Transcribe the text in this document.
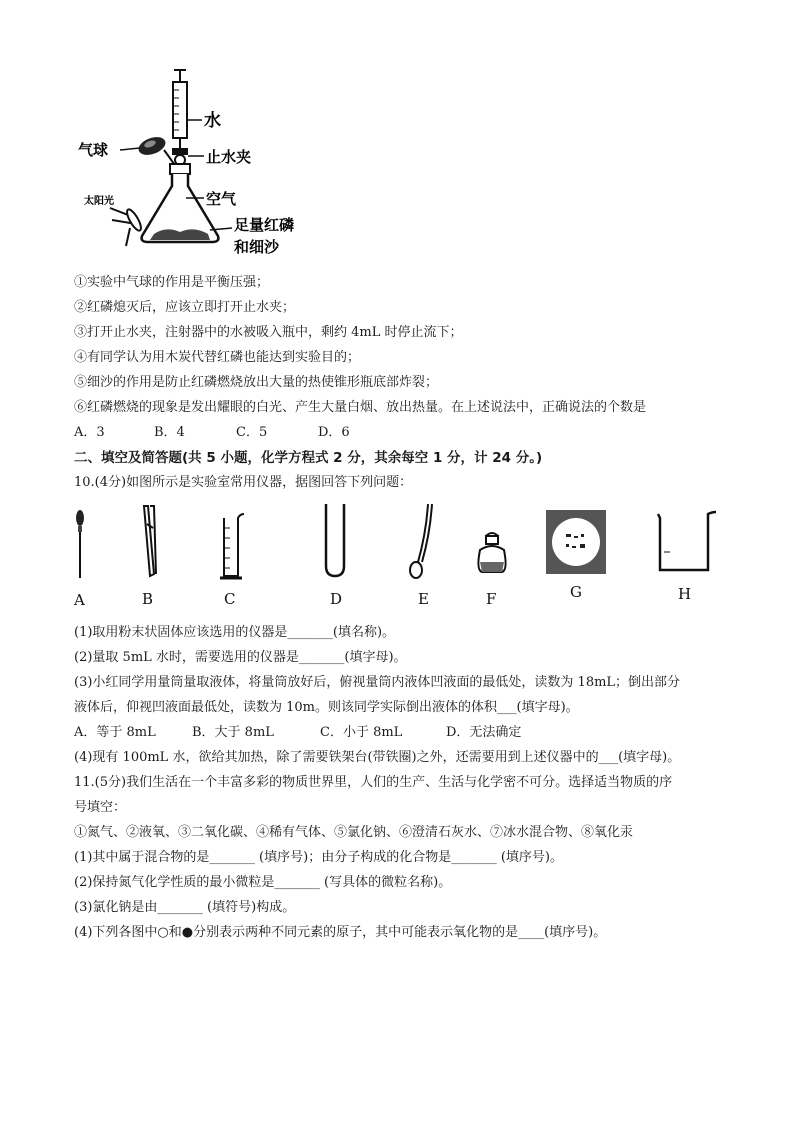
水
气球	止水夹
太阳光	空气
足量红磷
和细沙
①实验中气球的作用是平衡压强；
②红磷熄灭后，应该立即打开止水夹；
③打开止水夹，注射器中的水被吸入瓶中，剩约 4mL 时停止流下；
④有同学认为用木炭代替红磷也能达到实验目的；
⑤细沙的作用是防止红磷燃烧放出大量的热使锥形瓶底部炸裂；
⑥红磷燃烧的现象是发出耀眼的白光、产生大量白烟、放出热量。在上述说法中，正确说法的个数是
A．3	B．4	C．5	D．6
二、填空及简答题(共 5 小题，化学方程式 2 分，其余每空 1 分，计 24 分。)
10.(4分)如图所示是实验室常用仪器，据图回答下列问题：
A	B	C	D	E	F	G	H
(1)取用粉末状固体应该选用的仪器是_______(填名称)。
(2)量取 5mL 水时，需要选用的仪器是_______(填字母)。
(3)小红同学用量筒量取液体，将量筒放好后，俯视量筒内液体凹液面的最低处，读数为 18mL；倒出部分
液体后，仰视凹液面最低处，读数为 10m。则该同学实际倒出液体的体积___(填字母)。
A．等于 8mL	B．大于 8mL	C．小于 8mL	D．无法确定
(4)现有 100mL 水，欲给其加热，除了需要铁架台(带铁圈)之外，还需要用到上述仪器中的___(填字母)。
11.(5分)我们生活在一个丰富多彩的物质世界里，人们的生产、生活与化学密不可分。选择适当物质的序
号填空：
①氮气、②液氧、③二氧化碳、④稀有气体、⑤氯化钠、⑥澄清石灰水、⑦冰水混合物、⑧氧化汞
(1)其中属于混合物的是_______ (填序号)；由分子构成的化合物是_______ (填序号)。
(2)保持氮气化学性质的最小微粒是_______ (写具体的微粒名称)。
(3)氯化钠是由_______ (填符号)构成。
(4)下列各图中○和●分别表示两种不同元素的原子，其中可能表示氧化物的是____(填序号)。
